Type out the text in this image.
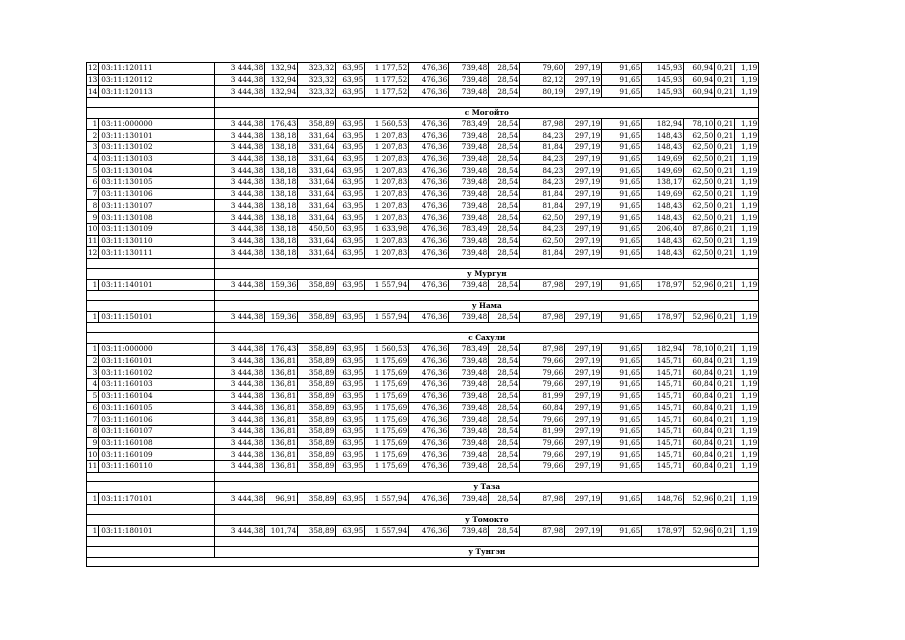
12	03:11:120111	3 444,38	132,94	323,32	63,95	1 177,52	476,36	739,48	28,54	79,60	297,19	91,65	145,93	60,94	0,21	1,19
13	03:11:120112	3 444,38	132,94	323,32	63,95	1 177,52	476,36	739,48	28,54	82,12	297,19	91,65	145,93	60,94	0,21	1,19
14	03:11:120113	3 444,38	132,94	323,32	63,95	1 177,52	476,36	739,48	28,54	80,19	297,19	91,65	145,93	60,94	0,21	1,19

		с Могойто														
1	03:11:000000	3 444,38	176,43	358,89	63,95	1 560,53	476,36	783,49	28,54	87,98	297,19	91,65	182,94	78,10	0,21	1,19
2	03:11:130101	3 444,38	138,18	331,64	63,95	1 207,83	476,36	739,48	28,54	84,23	297,19	91,65	148,43	62,50	0,21	1,19
3	03:11:130102	3 444,38	138,18	331,64	63,95	1 207,83	476,36	739,48	28,54	81,84	297,19	91,65	148,43	62,50	0,21	1,19
4	03:11:130103	3 444,38	138,18	331,64	63,95	1 207,83	476,36	739,48	28,54	84,23	297,19	91,65	149,69	62,50	0,21	1,19
5	03:11:130104	3 444,38	138,18	331,64	63,95	1 207,83	476,36	739,48	28,54	84,23	297,19	91,65	149,69	62,50	0,21	1,19
6	03:11:130105	3 444,38	138,18	331,64	63,95	1 207,83	476,36	739,48	28,54	84,23	297,19	91,65	138,17	62,50	0,21	1,19
7	03:11:130106	3 444,38	138,18	331,64	63,95	1 207,83	476,36	739,48	28,54	81,84	297,19	91,65	149,69	62,50	0,21	1,19
8	03:11:130107	3 444,38	138,18	331,64	63,95	1 207,83	476,36	739,48	28,54	81,84	297,19	91,65	148,43	62,50	0,21	1,19
9	03:11:130108	3 444,38	138,18	331,64	63,95	1 207,83	476,36	739,48	28,54	62,50	297,19	91,65	148,43	62,50	0,21	1,19
10	03:11:130109	3 444,38	138,18	450,50	63,95	1 633,98	476,36	783,49	28,54	84,23	297,19	91,65	206,40	87,86	0,21	1,19
11	03:11:130110	3 444,38	138,18	331,64	63,95	1 207,83	476,36	739,48	28,54	62,50	297,19	91,65	148,43	62,50	0,21	1,19
12	03:11:130111	3 444,38	138,18	331,64	63,95	1 207,83	476,36	739,48	28,54	81,84	297,19	91,65	148,43	62,50	0,21	1,19

		у Мургун														
1	03:11:140101	3 444,38	159,36	358,89	63,95	1 557,94	476,36	739,48	28,54	87,98	297,19	91,65	178,97	52,96	0,21	1,19

		у Нама														
1	03:11:150101	3 444,38	159,36	358,89	63,95	1 557,94	476,36	739,48	28,54	87,98	297,19	91,65	178,97	52,96	0,21	1,19

		с Сахули														
1	03:11:000000	3 444,38	176,43	358,89	63,95	1 560,53	476,36	783,49	28,54	87,98	297,19	91,65	182,94	78,10	0,21	1,19
2	03:11:160101	3 444,38	136,81	358,89	63,95	1 175,69	476,36	739,48	28,54	79,66	297,19	91,65	145,71	60,84	0,21	1,19
3	03:11:160102	3 444,38	136,81	358,89	63,95	1 175,69	476,36	739,48	28,54	79,66	297,19	91,65	145,71	60,84	0,21	1,19
4	03:11:160103	3 444,38	136,81	358,89	63,95	1 175,69	476,36	739,48	28,54	79,66	297,19	91,65	145,71	60,84	0,21	1,19
5	03:11:160104	3 444,38	136,81	358,89	63,95	1 175,69	476,36	739,48	28,54	81,99	297,19	91,65	145,71	60,84	0,21	1,19
6	03:11:160105	3 444,38	136,81	358,89	63,95	1 175,69	476,36	739,48	28,54	60,84	297,19	91,65	145,71	60,84	0,21	1,19
7	03:11:160106	3 444,38	136,81	358,89	63,95	1 175,69	476,36	739,48	28,54	79,66	297,19	91,65	145,71	60,84	0,21	1,19
8	03:11:160107	3 444,38	136,81	358,89	63,95	1 175,69	476,36	739,48	28,54	81,99	297,19	91,65	145,71	60,84	0,21	1,19
9	03:11:160108	3 444,38	136,81	358,89	63,95	1 175,69	476,36	739,48	28,54	79,66	297,19	91,65	145,71	60,84	0,21	1,19
10	03:11:160109	3 444,38	136,81	358,89	63,95	1 175,69	476,36	739,48	28,54	79,66	297,19	91,65	145,71	60,84	0,21	1,19
11	03:11:160110	3 444,38	136,81	358,89	63,95	1 175,69	476,36	739,48	28,54	79,66	297,19	91,65	145,71	60,84	0,21	1,19

		у Таза														
1	03:11:170101	3 444,38	96,91	358,89	63,95	1 557,94	476,36	739,48	28,54	87,98	297,19	91,65	148,76	52,96	0,21	1,19

		у Томокто														
1	03:11:180101	3 444,38	101,74	358,89	63,95	1 557,94	476,36	739,48	28,54	87,98	297,19	91,65	178,97	52,96	0,21	1,19

		у Тунгэн														
